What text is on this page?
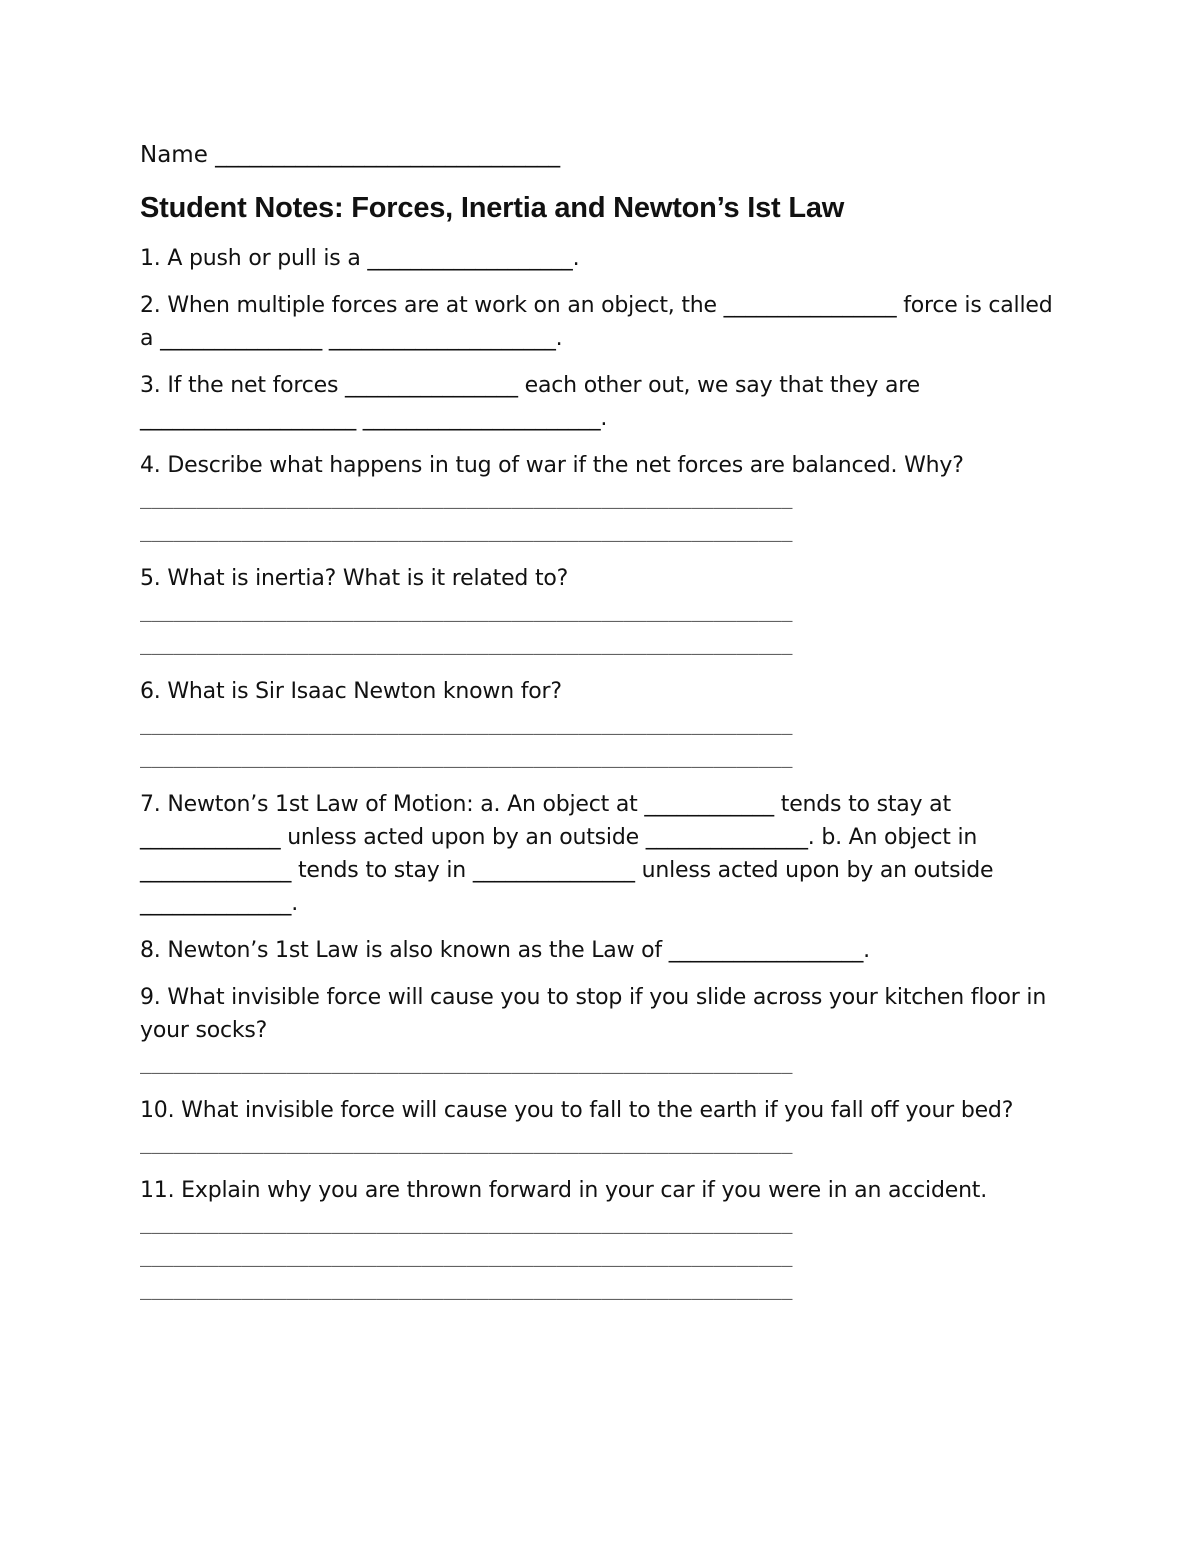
Name ______________________________

Student Notes: Forces, Inertia and Newton’s Ist Law

1. A push or pull is a ___________________.

2. When multiple forces are at work on an object, the ________________ force is called a _______________ _____________________.

3. If the net forces ________________ each other out, we say that they are ____________________ ______________________.

4. Describe what happens in tug of war if the net forces are balanced. Why?

__________________________________________________________

__________________________________________________________

5. What is inertia? What is it related to?

__________________________________________________________

__________________________________________________________

6. What is Sir Isaac Newton known for?

__________________________________________________________

__________________________________________________________

7. Newton’s 1st Law of Motion: a. An object at ____________ tends to stay at _____________ unless acted upon by an outside _______________. b. An object in ______________ tends to stay in _______________ unless acted upon by an outside ______________.

8. Newton’s 1st Law is also known as the Law of __________________.

9. What invisible force will cause you to stop if you slide across your kitchen floor in your socks?

__________________________________________________________

10. What invisible force will cause you to fall to the earth if you fall off your bed?

__________________________________________________________

11. Explain why you are thrown forward in your car if you were in an accident.

__________________________________________________________

__________________________________________________________

__________________________________________________________
